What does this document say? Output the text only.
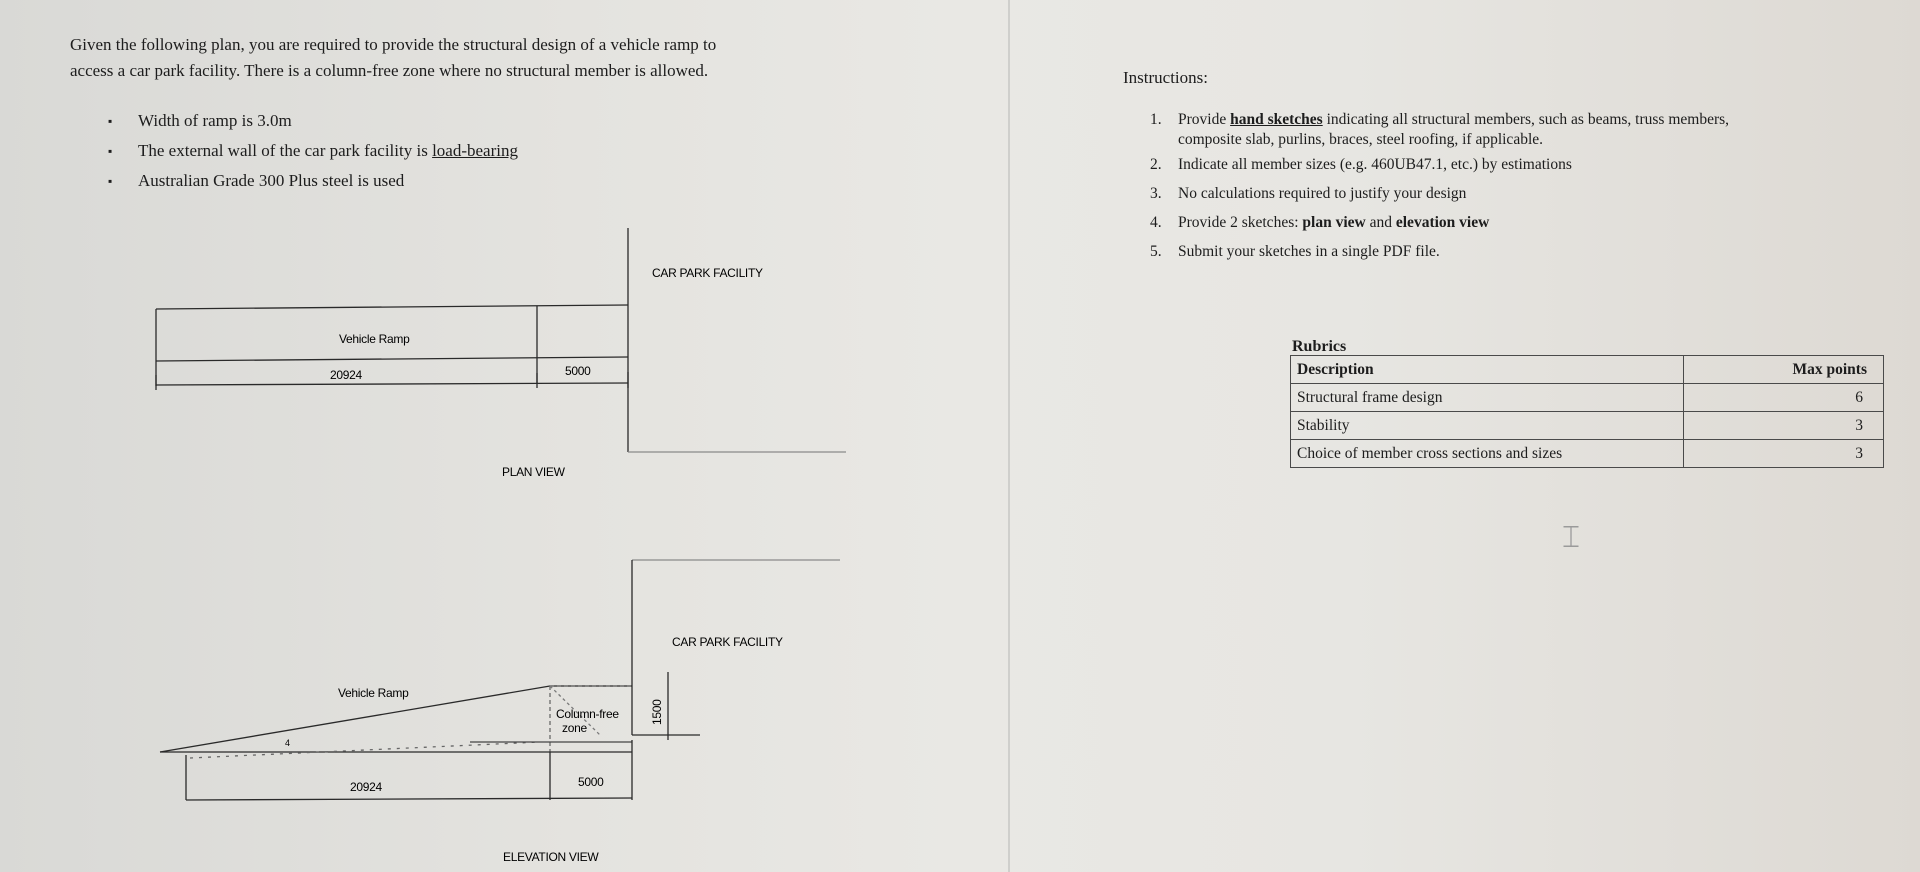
Given the following plan, you are required to provide the structural design of a vehicle ramp to
access a car park facility. There is a column-free zone where no structural member is allowed.

▪ Width of ramp is 3.0m
▪ The external wall of the car park facility is load-bearing
▪ Australian Grade 300 Plus steel is used
CAR PARK FACILITY
Vehicle Ramp
20924	5000
PLAN VIEW
CAR PARK FACILITY
Vehicle Ramp
Column-free
zone
1500
4
20924	5000
ELEVATION VIEW

Instructions:

1. Provide hand sketches indicating all structural members, such as beams, truss members,
composite slab, purlins, braces, steel roofing, if applicable.
2. Indicate all member sizes (e.g. 460UB47.1, etc.) by estimations
3. No calculations required to justify your design
4. Provide 2 sketches: plan view and elevation view
5. Submit your sketches in a single PDF file.
Rubrics
Description	Max points
Structural frame design	6
Stability	3
Choice of member cross sections and sizes	3
⌶
